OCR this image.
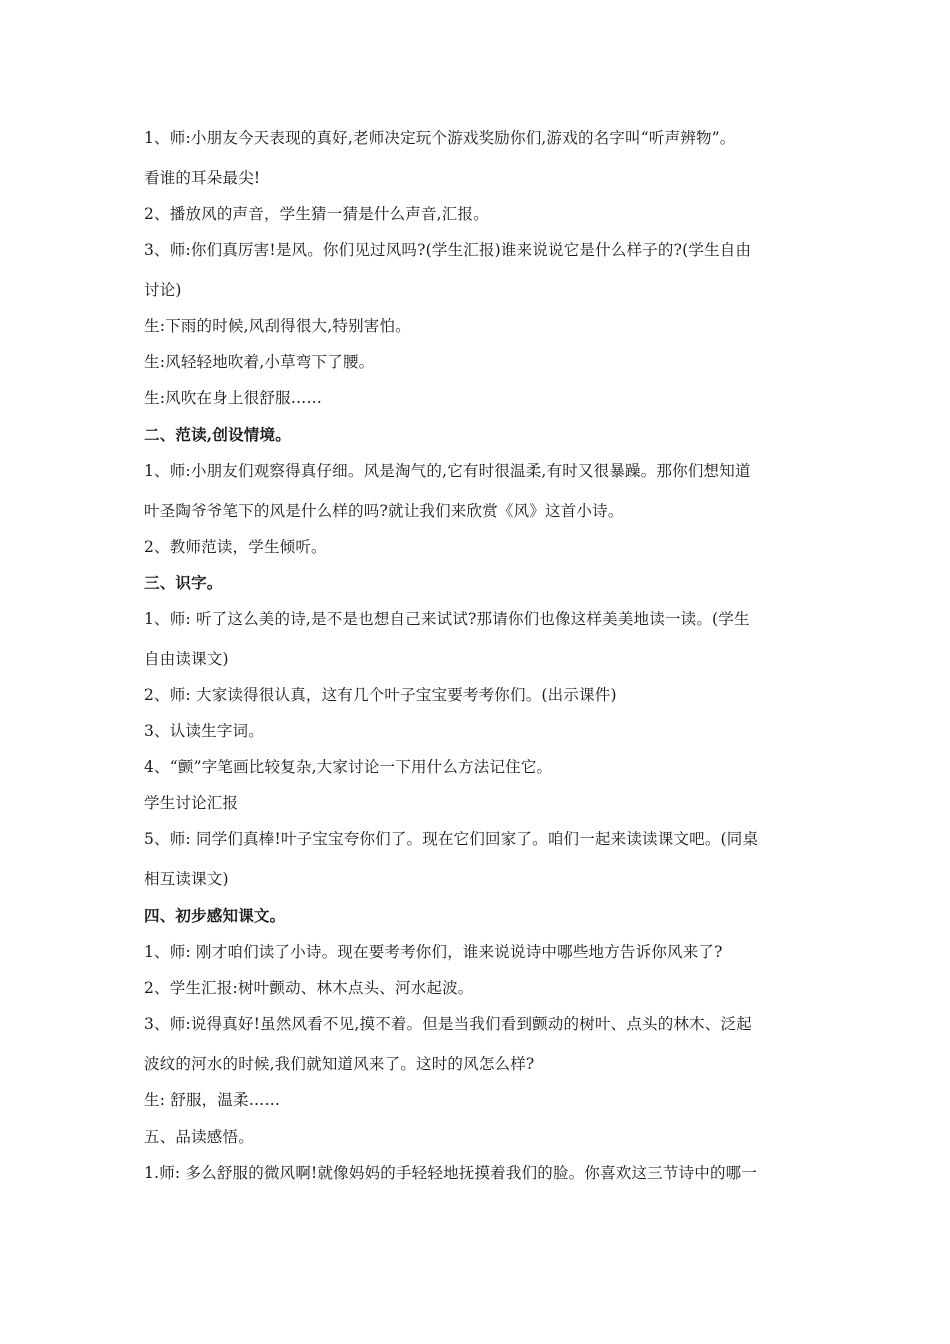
1、师:小朋友今天表现的真好,老师决定玩个游戏奖励你们,游戏的名字叫“听声辨物”。
看谁的耳朵最尖!
2、播放风的声音，学生猜一猜是什么声音,汇报。
3、师:你们真厉害!是风。你们见过风吗?(学生汇报)谁来说说它是什么样子的?(学生自由
讨论)
生:下雨的时候,风刮得很大,特别害怕。
生:风轻轻地吹着,小草弯下了腰。
生:风吹在身上很舒服……
二、范读,创设情境。
1、师:小朋友们观察得真仔细。风是淘气的,它有时很温柔,有时又很暴躁。那你们想知道
叶圣陶爷爷笔下的风是什么样的吗?就让我们来欣赏《风》这首小诗。
2、教师范读，学生倾听。
三、识字。
1、师: 听了这么美的诗,是不是也想自己来试试?那请你们也像这样美美地读一读。(学生
自由读课文)
2、师: 大家读得很认真，这有几个叶子宝宝要考考你们。(出示课件)
3、认读生字词。
4、“颤”字笔画比较复杂,大家讨论一下用什么方法记住它。
学生讨论汇报
5、师: 同学们真棒!叶子宝宝夸你们了。现在它们回家了。咱们一起来读读课文吧。(同桌
相互读课文)
四、初步感知课文。
1、师: 刚才咱们读了小诗。现在要考考你们，谁来说说诗中哪些地方告诉你风来了?
2、学生汇报:树叶颤动、林木点头、河水起波。
3、师:说得真好!虽然风看不见,摸不着。但是当我们看到颤动的树叶、点头的林木、泛起
波纹的河水的时候,我们就知道风来了。这时的风怎么样?
生: 舒服，温柔……
五、品读感悟。
1.师: 多么舒服的微风啊!就像妈妈的手轻轻地抚摸着我们的脸。你喜欢这三节诗中的哪一
